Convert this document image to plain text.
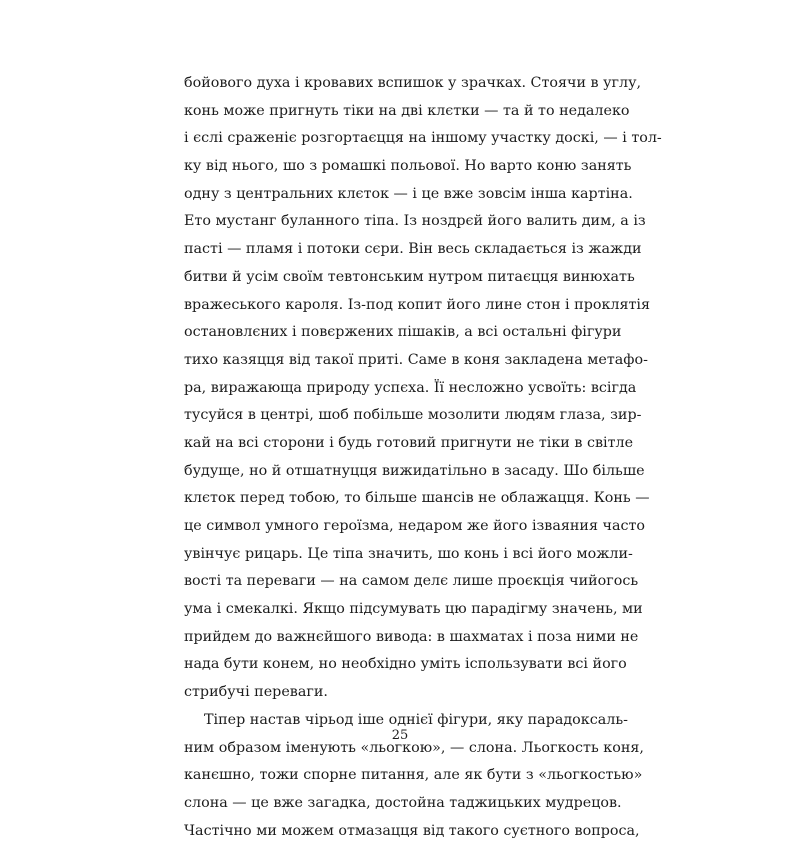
бойового духа і кровавих вспишок у зрачках. Стоячи в углу,
конь може пригнуть тіки на дві клєтки — та й то недалеко
і єслі сраженіє розгортаєцця на іншому участку доскі, — і тол-
ку від нього, шо з ромашкі польової. Но варто коню занять
одну з центральних клєток — і це вже зовсім інша картіна.
Ето мустанг буланного тіпа. Із ноздрєй його валить дим, а із
пасті — пламя і потоки сєри. Він весь складається із жажди
битви й усім своїм тевтонським нутром питаєцця винюхать
вражеського кароля. Із-под копит його лине стон і проклятія
остановлєних і повєржених пішаків, а всі остальні фігури
тихо казяцця від такої приті. Саме в коня закладена метафо-
ра, виражающа природу успєха. Її несложно усвоїть: всігда
тусуйся в центрі, шоб побільше мозолити людям глаза, зир-
кай на всі сторони і будь готовий пригнути не тіки в світле
будуще, но й отшатнуцця вижидатільно в засаду. Шо більше
клєток перед тобою, то більше шансів не облажацця. Конь —
це символ умного героїзма, недаром же його ізваяния часто
увінчує рицарь. Це тіпа значить, шо конь і всі його можли-
вості та переваги — на самом делє лише проєкція чийогось
ума і смекалкі. Якщо підсумувать цю парадігму значень, ми
прийдем до важнєйшого вивода: в шахматах і поза ними не
нада бути конем, но необхідно уміть іспользувати всі його
стрибучі переваги.
Тіпер настав чірьод іше однієї фігури, яку парадоксаль-
ним образом іменують «льогкою», — слона. Льогкость коня,
канєшно, тожи спорне питання, але як бути з «льогкостью»
слона — це вже загадка, достойна таджицьких мудрецов.
Частічно ми можем отмазацця від такого суєтного вопроса,
25
